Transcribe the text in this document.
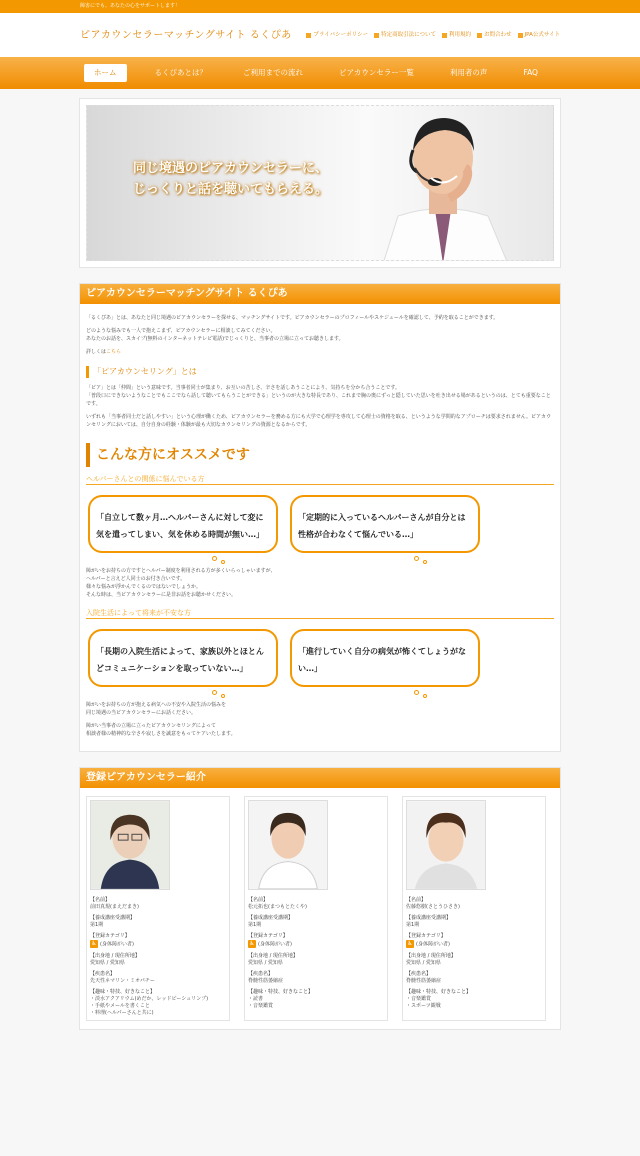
障害にでも、あなたの心をサポートします！
ピアカウンセラーマッチングサイト るくぴあ	プライバシーポリシー 特定商取引法について 利用規約 お問合わせ JPA公式サイト
ホーム	るくぴあとは？	ご利用までの流れ	ピアカウンセラー一覧	利用者の声	FAQ
同じ境遇のピアカウンセラーに、
じっくりと話を聴いてもらえる。
ピアカウンセラーマッチングサイト るくぴあ

「るくぴあ」とは、あなたと同じ境遇のピアカウンセラーを探せる、マッチングサイトです。ピアカウンセラーのプロフィールやスケジュールを確認して、予約を取ることができます。

どのような悩みでも一人で抱えこまず、ピアカウンセラーに相談してみてください。
あなたのお話を、スカイプ(無料のインターネットテレビ電話)でじっくりと、当事者の立場に立ってお聴きします。

詳しくはこちら

「ピアカウンセリング」とは

「ピア」とは「仲間」という意味です。当事者同士が集まり、お互いの苦しさ、辛さを話しあうことにより、気持ちを分かち合うことです。
「普段口にできないようなことでもここでなら話して聴いてもらうことができる」というのが大きな特長であり、これまで胸の奥にずっと隠していた思いを吐き出せる場があるというのは、とても重要なことです。

いずれも「当事者同士だと話しやすい」という心理が働くため、ピアカウンセラーを務める方にも大学で心理学を専攻して心理士の資格を取る、というような学問的なアプローチは要求されません。ピアカウンセリングにおいては、自分自身の経験・体験が最も大切なカウンセリングの資源となるからです。

こんな方にオススメです
ヘルパーさんとの関係に悩んでいる方
「自立して数ヶ月…ヘルパーさんに対して変に気を遣ってしまい、気を休める時間が無い…」
「定期的に入っているヘルパーさんが自分とは性格が合わなくて悩んでいる…」

障がいをお持ちの方ですとヘルパー制度を利用される方が多くいらっしゃいますが、
ヘルパーと言えど人同士のお付き合いです。
様々な悩みが浮かんでくるのではないでしょうか。
そんな時は、当ピアカウンセラーに是非お話をお聴かせください。

入院生活によって将来が不安な方
「長期の入院生活によって、家族以外とほとんどコミュニケーションを取っていない…」
「進行していく自分の病気が怖くてしょうがない…」

障がいをお持ちの方が抱える病気への不安や入院生活の悩みを
同じ境遇の当ピアカウンセラーにお話ください。

障がい当事者の立場に立ったピアカウンセリングによって
相談者様の精神的な辛さや寂しさを誠意をもってケアいたします。

登録ピアカウンセラー紹介
【名前】
前田真規(まえだまき)
【養成講座受講期】
第1期
【登録カテゴリ】
♿ (身体障がい者)
【出身地 / 現住所地】
愛知県 / 愛知県
【疾患名】
先天性ネマリン・ミオパチー
【趣味・特技、好きなこと】
・淡水アクアリウム(めだか、レッドビーシュリンプ)
・手紙やメールを書くこと
・料理(ヘルパーさんと共に)
【名前】
松元拓也(まつもとたくや)
【養成講座受講期】
第1期
【登録カテゴリ】
♿ (身体障がい者)
【出身地 / 現住所地】
愛知県 / 愛知県
【疾患名】
脊髄性筋萎縮症
【趣味・特技、好きなこと】
・読書
・音楽鑑賞
【名前】
佐藤悠樹(さとうひさき)
【養成講座受講期】
第1期
【登録カテゴリ】
♿ (身体障がい者)
【出身地 / 現住所地】
愛知県 / 愛知県
【疾患名】
脊髄性筋萎縮症
【趣味・特技、好きなこと】
・音楽鑑賞
・スポーツ観戦
